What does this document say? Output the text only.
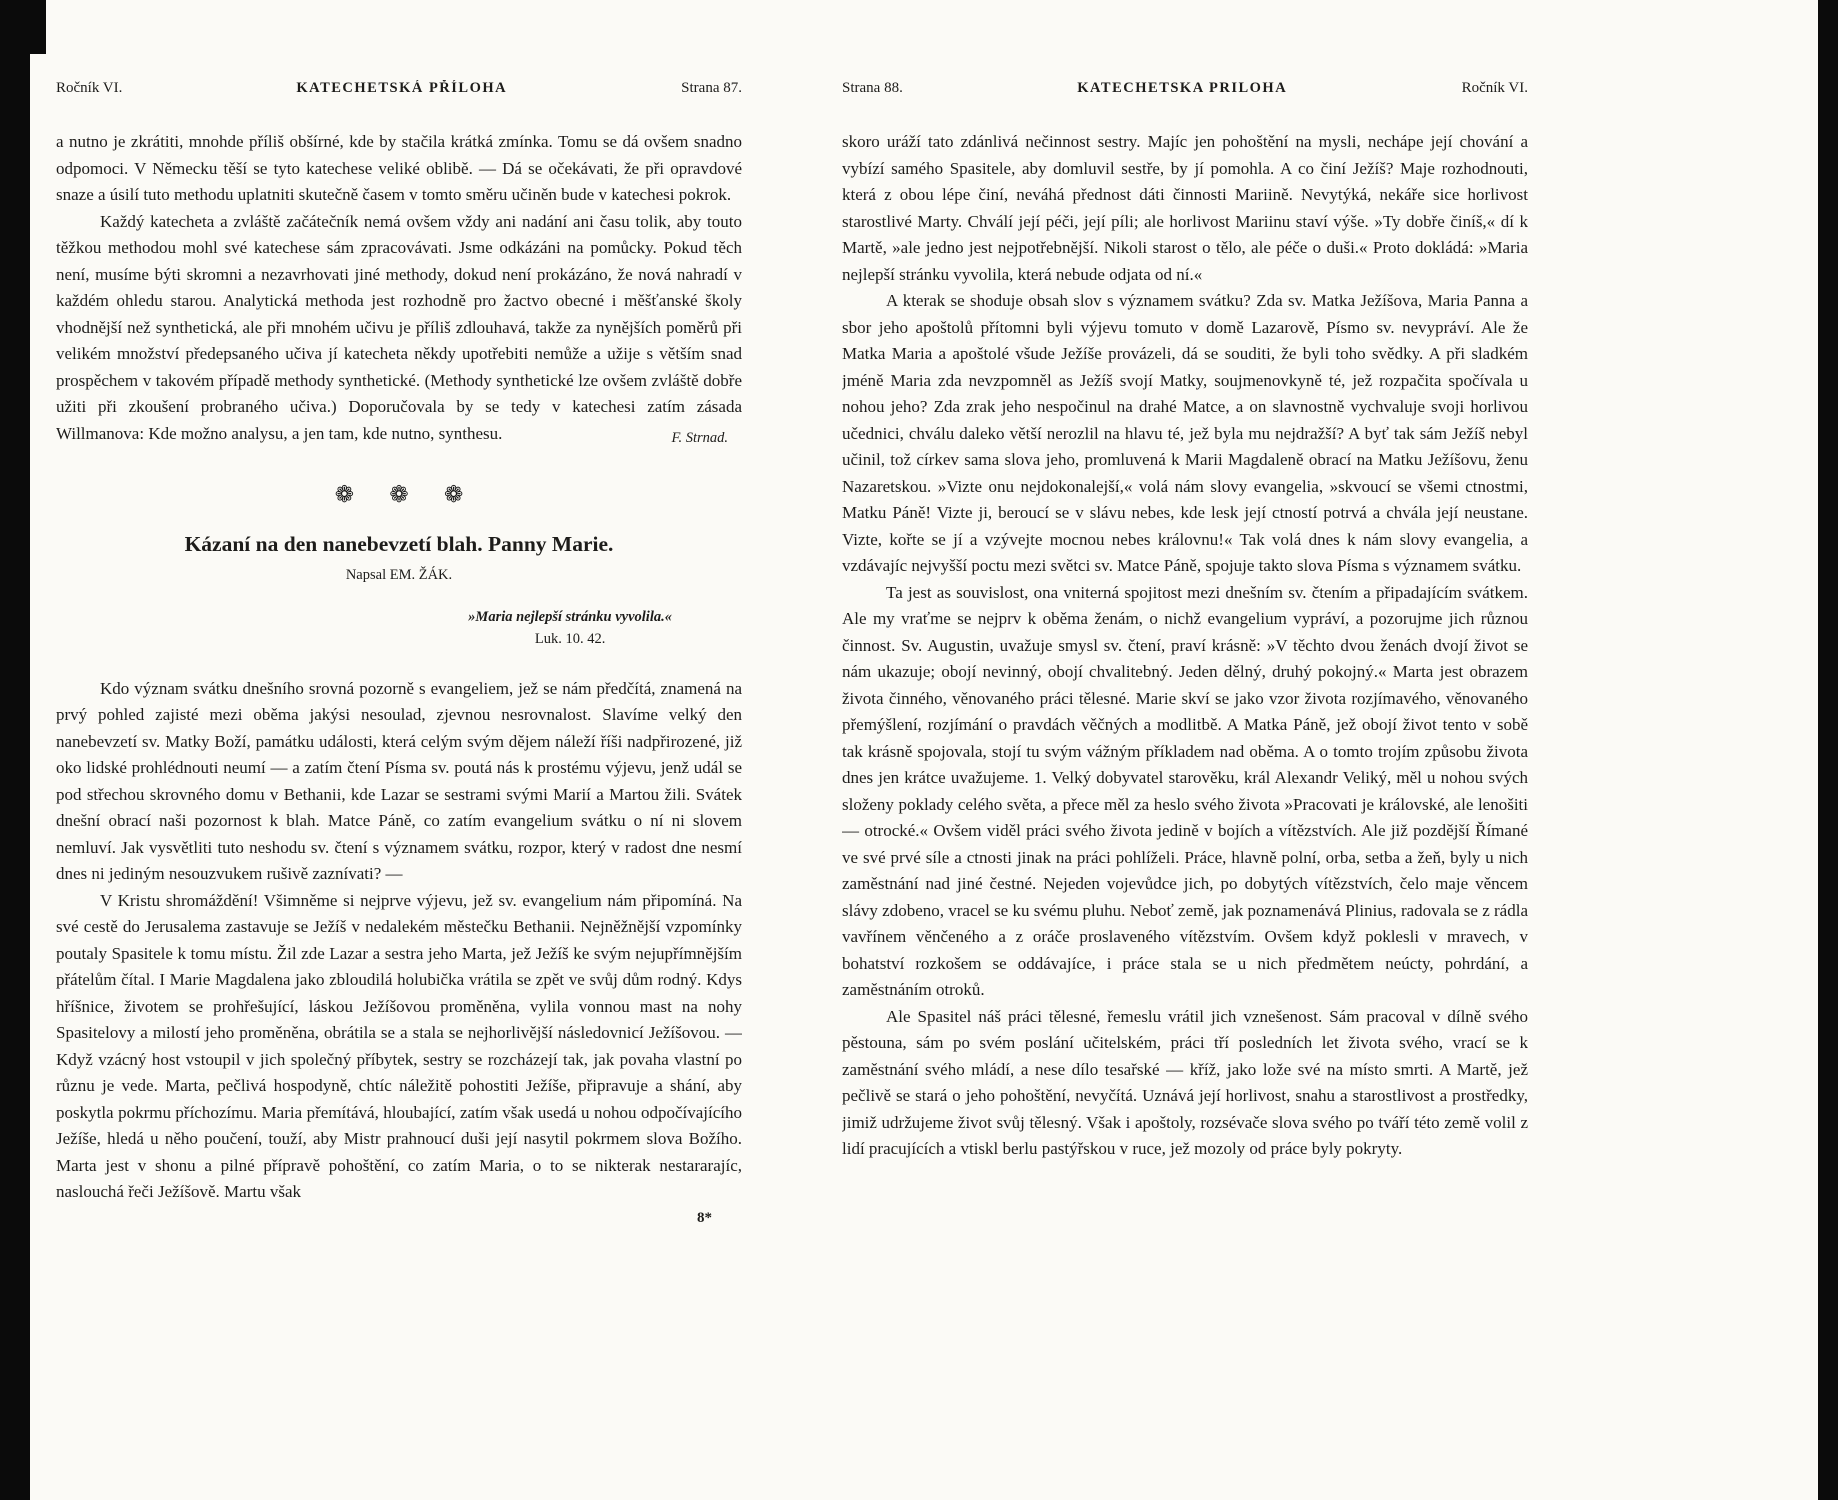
Ročník VI.	KATECHETSKÁ PŘÍLOHA	Strana 87.

a nutno je zkrátiti, mnohde příliš obšírné, kde by stačila krátká zmínka. Tomu se dá ovšem snadno odpomoci. V Německu těší se tyto katechese veliké oblibě. — Dá se očekávati, že při opravdové snaze a úsilí tuto methodu uplatniti skutečně časem v tomto směru učiněn bude v katechesi pokrok.

Každý katecheta a zvláště začátečník nemá ovšem vždy ani nadání ani času tolik, aby touto těžkou methodou mohl své katechese sám zpracovávati. Jsme odkázáni na pomůcky. Pokud těch není, musíme býti skromni a nezavrhovati jiné methody, dokud není prokázáno, že nová nahradí v každém ohledu starou. Analytická methoda jest rozhodně pro žactvo obecné i měšťanské školy vhodnější než synthetická, ale při mnohém učivu je příliš zdlouhavá, takže za nynějších poměrů při velikém množství předepsaného učiva jí katecheta někdy upotřebiti nemůže a užije s větším snad prospěchem v takovém případě methody synthetické. (Methody synthetické lze ovšem zvláště dobře užiti při zkoušení probraného učiva.) Doporučovala by se tedy v katechesi zatím zásada Willmanova: Kde možno analysu, a jen tam, kde nutno, synthesu.	F. Strnad.
❁ ❁ ❁
Kázaní na den nanebevzetí blah. Panny Marie.
Napsal EM. ŽÁK.
»Maria nejlepší stránku vyvolila.«
Luk. 10. 42.

Kdo význam svátku dnešního srovná pozorně s evangeliem, jež se nám předčítá, znamená na prvý pohled zajisté mezi oběma jakýsi nesoulad, zjevnou nesrovnalost. Slavíme velký den nanebevzetí sv. Matky Boží, památku události, která celým svým dějem náleží říši nadpřirozené, již oko lidské prohlédnouti neumí — a zatím čtení Písma sv. poutá nás k prostému výjevu, jenž udál se pod střechou skrovného domu v Bethanii, kde Lazar se sestrami svými Marií a Martou žili. Svátek dnešní obrací naši pozornost k blah. Matce Páně, co zatím evangelium svátku o ní ni slovem nemluví. Jak vysvětliti tuto neshodu sv. čtení s významem svátku, rozpor, který v radost dne nesmí dnes ni jediným nesouzvukem rušivě zaznívati? —

V Kristu shromáždění! Všimněme si nejprve výjevu, jež sv. evangelium nám připomíná. Na své cestě do Jerusalema zastavuje se Ježíš v nedalekém městečku Bethanii. Nejněžnější vzpomínky poutaly Spasitele k tomu místu. Žil zde Lazar a sestra jeho Marta, jež Ježíš ke svým nejupřímnějším přátelům čítal. I Marie Magdalena jako zbloudilá holubička vrátila se zpět ve svůj dům rodný. Kdys hříšnice, životem se prohřešující, láskou Ježíšovou proměněna, vylila vonnou mast na nohy Spasitelovy a milostí jeho proměněna, obrátila se a stala se nejhorlivější následovnicí Ježíšovou. — Když vzácný host vstoupil v jich společný příbytek, sestry se rozcházejí tak, jak povaha vlastní po různu je vede. Marta, pečlivá hospodyně, chtíc náležitě pohostiti Ježíše, připravuje a shání, aby poskytla pokrmu příchozímu. Maria přemítává, hloubající, zatím však usedá u nohou odpočívajícího Ježíše, hledá u něho poučení, touží, aby Mistr prahnoucí duši její nasytil pokrmem slova Božího. Marta jest v shonu a pilné přípravě pohoštění, co zatím Maria, o to se nikterak nestararajíc, naslouchá řeči Ježíšově. Martu však

8*
Strana 88.	KATECHETSKA PRILOHA	Ročník VI.

skoro uráží tato zdánlivá nečinnost sestry. Majíc jen pohoštění na mysli, nechápe její chování a vybízí samého Spasitele, aby domluvil sestře, by jí pomohla. A co činí Ježíš? Maje rozhodnouti, která z obou lépe činí, neváhá přednost dáti činnosti Mariině. Nevytýká, nekáře sice horlivost starostlivé Marty. Chválí její péči, její píli; ale horlivost Mariinu staví výše. »Ty dobře činíš,« dí k Martě, »ale jedno jest nejpotřebnější. Nikoli starost o tělo, ale péče o duši.« Proto dokládá: »Maria nejlepší stránku vyvolila, která nebude odjata od ní.«

A kterak se shoduje obsah slov s významem svátku? Zda sv. Matka Ježíšova, Maria Panna a sbor jeho apoštolů přítomni byli výjevu tomuto v domě Lazarově, Písmo sv. nevypráví. Ale že Matka Maria a apoštolé všude Ježíše provázeli, dá se souditi, že byli toho svědky. A při sladkém jméně Maria zda nevzpomněl as Ježíš svojí Matky, soujmenovkyně té, jež rozpačita spočívala u nohou jeho? Zda zrak jeho nespočinul na drahé Matce, a on slavnostně vychvaluje svoji horlivou učednici, chválu daleko větší nerozlil na hlavu té, jež byla mu nejdražší? A byť tak sám Ježíš nebyl učinil, tož církev sama slova jeho, promluvená k Marii Magdaleně obrací na Matku Ježíšovu, ženu Nazaretskou. »Vizte onu nejdokonalejší,« volá nám slovy evangelia, »skvoucí se všemi ctnostmi, Matku Páně! Vizte ji, beroucí se v slávu nebes, kde lesk její ctností potrvá a chvála její neustane. Vizte, kořte se jí a vzývejte mocnou nebes královnu!« Tak volá dnes k nám slovy evangelia, a vzdávajíc nejvyšší poctu mezi světci sv. Matce Páně, spojuje takto slova Písma s významem svátku.

Ta jest as souvislost, ona vniterná spojitost mezi dnešním sv. čtením a připadajícím svátkem. Ale my vraťme se nejprv k oběma ženám, o nichž evangelium vypráví, a pozorujme jich různou činnost. Sv. Augustin, uvažuje smysl sv. čtení, praví krásně: »V těchto dvou ženách dvojí život se nám ukazuje; obojí nevinný, obojí chvalitebný. Jeden dělný, druhý pokojný.« Marta jest obrazem života činného, věnovaného práci tělesné. Marie skví se jako vzor života rozjímavého, věnovaného přemýšlení, rozjímání o pravdách věčných a modlitbě. A Matka Páně, jež obojí život tento v sobě tak krásně spojovala, stojí tu svým vážným příkladem nad oběma. A o tomto trojím způsobu života dnes jen krátce uvažujeme. 1. Velký dobyvatel starověku, král Alexandr Veliký, měl u nohou svých složeny poklady celého světa, a přece měl za heslo svého života »Pracovati je královské, ale lenošiti — otrocké.« Ovšem viděl práci svého života jedině v bojích a vítězstvích. Ale již pozdější Římané ve své prvé síle a ctnosti jinak na práci pohlíželi. Práce, hlavně polní, orba, setba a žeň, byly u nich zaměstnání nad jiné čestné. Nejeden vojevůdce jich, po dobytých vítězstvích, čelo maje věncem slávy zdobeno, vracel se ku svému pluhu. Neboť země, jak poznamenává Plinius, radovala se z rádla vavřínem věnčeného a z oráče proslaveného vítězstvím. Ovšem když poklesli v mravech, v bohatství rozkošem se oddávajíce, i práce stala se u nich předmětem neúcty, pohrdání, a zaměstnáním otroků.

Ale Spasitel náš práci tělesné, řemeslu vrátil jich vznešenost. Sám pracoval v dílně svého pěstouna, sám po svém poslání učitelském, práci tří posledních let života svého, vrací se k zaměstnání svého mládí, a nese dílo tesařské — kříž, jako lože své na místo smrti. A Martě, jež pečlivě se stará o jeho pohoštění, nevyčítá. Uznává její horlivost, snahu a starostlivost a prostředky, jimiž udržujeme život svůj tělesný. Však i apoštoly, rozsévače slova svého po tváří této země volil z lidí pracujících a vtiskl berlu pastýřskou v ruce, jež mozoly od práce byly pokryty.
